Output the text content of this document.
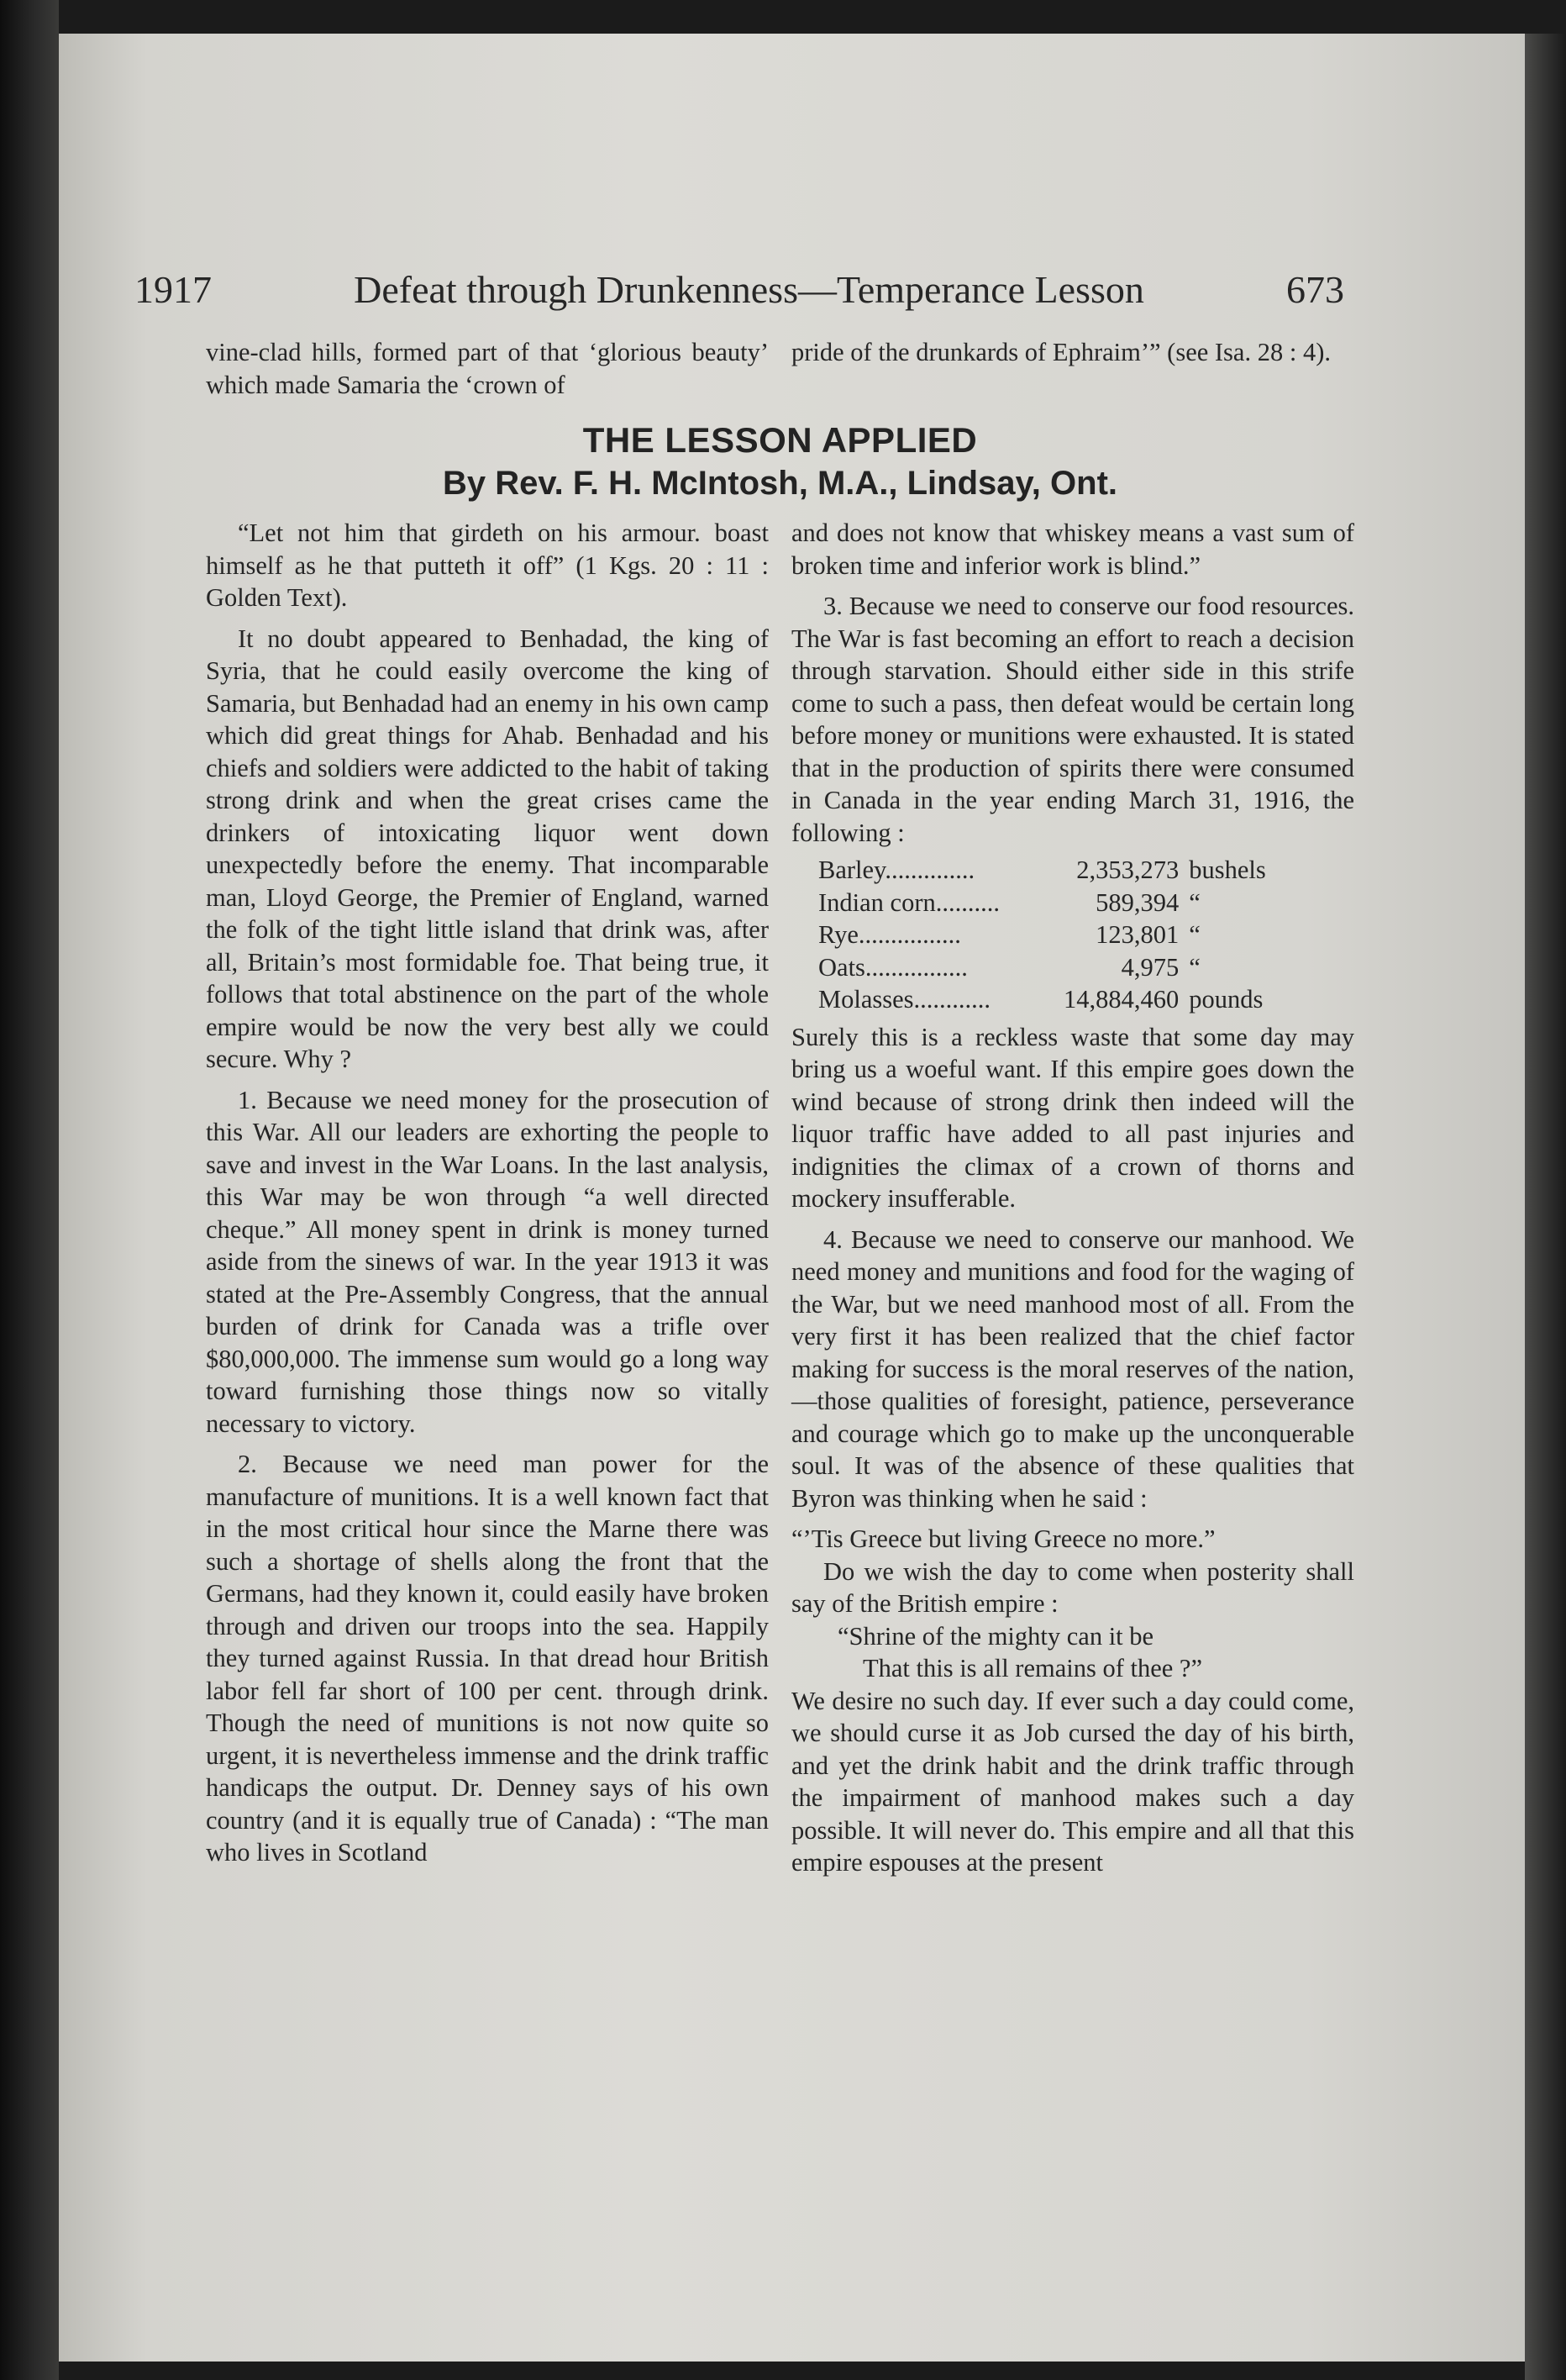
1917	Defeat through Drunkenness—Temperance Lesson	673

vine-clad hills, formed part of that ‘glorious beauty’ which made Samaria the ‘crown of

pride of the drunkards of Ephraim’” (see Isa. 28 : 4).

THE LESSON APPLIED
By Rev. F. H. McIntosh, M.A., Lindsay, Ont.

“Let not him that girdeth on his armour. boast himself as he that putteth it off” (1 Kgs. 20 : 11 : Golden Text).

It no doubt appeared to Benhadad, the king of Syria, that he could easily overcome the king of Samaria, but Benhadad had an enemy in his own camp which did great things for Ahab. Benhadad and his chiefs and soldiers were addicted to the habit of taking strong drink and when the great crises came the drinkers of intoxicating liquor went down unexpectedly before the enemy. That incomparable man, Lloyd George, the Premier of England, warned the folk of the tight little island that drink was, after all, Britain’s most formidable foe. That being true, it follows that total abstinence on the part of the whole empire would be now the very best ally we could secure. Why ?

1. Because we need money for the prosecution of this War. All our leaders are exhorting the people to save and invest in the War Loans. In the last analysis, this War may be won through “a well directed cheque.” All money spent in drink is money turned aside from the sinews of war. In the year 1913 it was stated at the Pre-Assembly Congress, that the annual burden of drink for Canada was a trifle over $80,000,000. The immense sum would go a long way toward furnishing those things now so vitally necessary to victory.

2. Because we need man power for the manufacture of munitions. It is a well known fact that in the most critical hour since the Marne there was such a shortage of shells along the front that the Germans, had they known it, could easily have broken through and driven our troops into the sea. Happily they turned against Russia. In that dread hour British labor fell far short of 100 per cent. through drink. Though the need of munitions is not now quite so urgent, it is nevertheless immense and the drink traffic handicaps the output. Dr. Denney says of his own country (and it is equally true of Canada) : “The man who lives in Scotland

and does not know that whiskey means a vast sum of broken time and inferior work is blind.”

3. Because we need to conserve our food resources. The War is fast becoming an effort to reach a decision through starvation. Should either side in this strife come to such a pass, then defeat would be certain long before money or munitions were exhausted. It is stated that in the production of spirits there were consumed in Canada in the year ending March 31, 1916, the following :

Barley..............	2,353,273	bushels
Indian corn..........	589,394	“
Rye................	123,801	“
Oats................	4,975	“
Molasses............	14,884,460	pounds

Surely this is a reckless waste that some day may bring us a woeful want. If this empire goes down the wind because of strong drink then indeed will the liquor traffic have added to all past injuries and indignities the climax of a crown of thorns and mockery insufferable.

4. Because we need to conserve our manhood. We need money and munitions and food for the waging of the War, but we need manhood most of all. From the very first it has been realized that the chief factor making for success is the moral reserves of the nation, —those qualities of foresight, patience, perseverance and courage which go to make up the unconquerable soul. It was of the absence of these qualities that Byron was thinking when he said :

“’Tis Greece but living Greece no more.”

Do we wish the day to come when posterity shall say of the British empire :

“Shrine of the mighty can it be

That this is all remains of thee ?”

We desire no such day. If ever such a day could come, we should curse it as Job cursed the day of his birth, and yet the drink habit and the drink traffic through the impairment of manhood makes such a day possible. It will never do. This empire and all that this empire espouses at the present
